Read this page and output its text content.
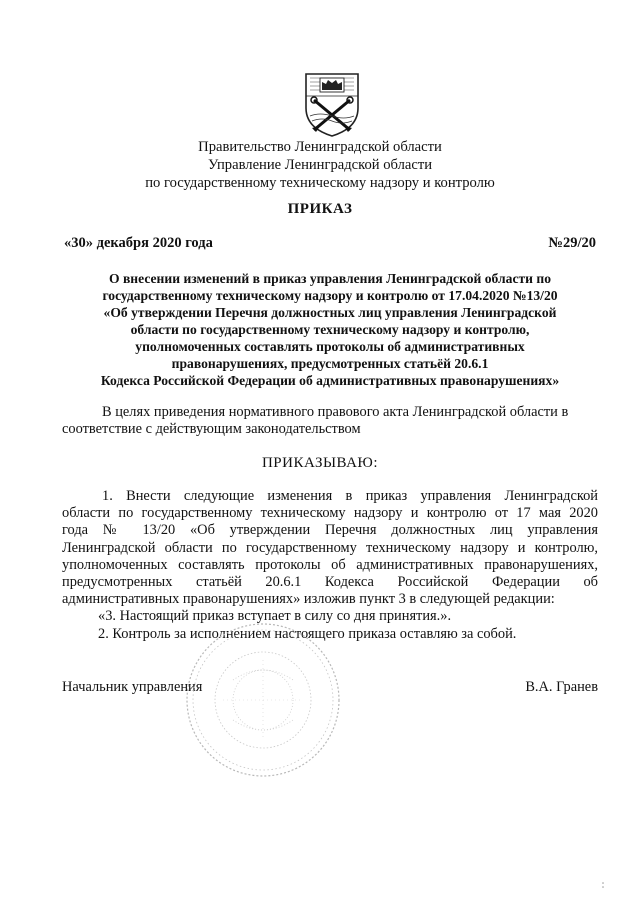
Правительство Ленинградской области
Управление Ленинградской области
по государственному техническому надзору и контролю
ПРИКАЗ
«30» декабря 2020 года	№29/20
О внесении изменений в приказ управления Ленинградской области по
государственному техническому надзору и контролю от 17.04.2020 №13/20
«Об утверждении Перечня должностных лиц управления Ленинградской
области по государственному техническому надзору и контролю,
уполномоченных составлять протоколы об административных
правонарушениях, предусмотренных статьёй 20.6.1
Кодекса Российской Федерации об административных правонарушениях»
В целях приведения нормативного правового акта Ленинградской области в
соответствие с действующим законодательством
ПРИКАЗЫВАЮ:
1. Внести следующие изменения в приказ управления Ленинградской
области по государственному техническому надзору и контролю от 17 мая 2020
года № 13/20 «Об утверждении Перечня должностных лиц управления
Ленинградской области по государственному техническому надзору и контролю,
уполномоченных составлять протоколы об административных правонарушениях,
предусмотренных статьёй 20.6.1 Кодекса Российской Федерации об
административных правонарушениях» изложив пункт 3 в следующей редакции:
«3. Настоящий приказ вступает в силу со дня принятия.».
2. Контроль за исполнением настоящего приказа оставляю за собой.
Начальник управления	В.А. Гранев
